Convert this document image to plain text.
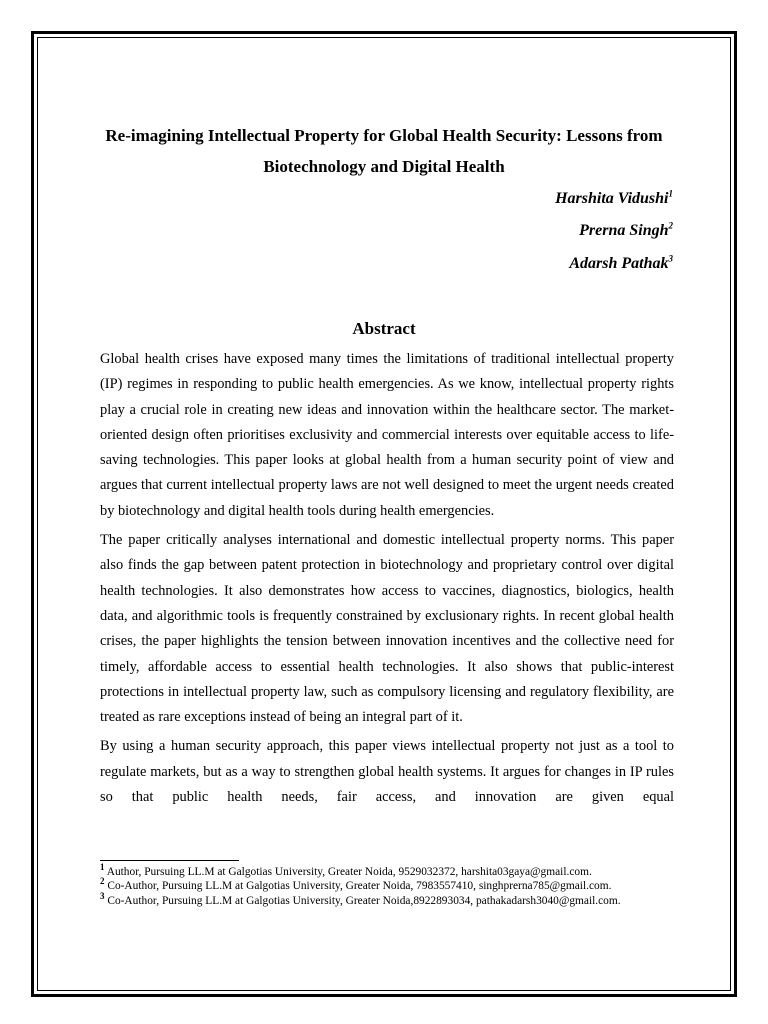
Re-imagining Intellectual Property for Global Health Security: Lessons from Biotechnology and Digital Health
Harshita Vidushi$^1$
Prerna Singh$^2$
Adarsh Pathak$^3$
Abstract

Global health crises have exposed many times the limitations of traditional intellectual property (IP) regimes in responding to public health emergencies. As we know, intellectual property rights play a crucial role in creating new ideas and innovation within the healthcare sector. The market-oriented design often prioritises exclusivity and commercial interests over equitable access to life-saving technologies. This paper looks at global health from a human security point of view and argues that current intellectual property laws are not well designed to meet the urgent needs created by biotechnology and digital health tools during health emergencies.

The paper critically analyses international and domestic intellectual property norms. This paper also finds the gap between patent protection in biotechnology and proprietary control over digital health technologies. It also demonstrates how access to vaccines, diagnostics, biologics, health data, and algorithmic tools is frequently constrained by exclusionary rights. In recent global health crises, the paper highlights the tension between innovation incentives and the collective need for timely, affordable access to essential health technologies. It also shows that public-interest protections in intellectual property law, such as compulsory licensing and regulatory flexibility, are treated as rare exceptions instead of being an integral part of it.

By using a human security approach, this paper views intellectual property not just as a tool to regulate markets, but as a way to strengthen global health systems. It argues for changes in IP rules so that public health needs, fair access, and innovation are given equal

$^1$ Author, Pursuing LL.M at Galgotias University, Greater Noida, 9529032372, harshita03gaya@gmail.com.

$^2$ Co-Author, Pursuing LL.M at Galgotias University, Greater Noida, 7983557410, singhprerna785@gmail.com.

$^3$ Co-Author, Pursuing LL.M at Galgotias University, Greater Noida,8922893034, pathakadarsh3040@gmail.com.
